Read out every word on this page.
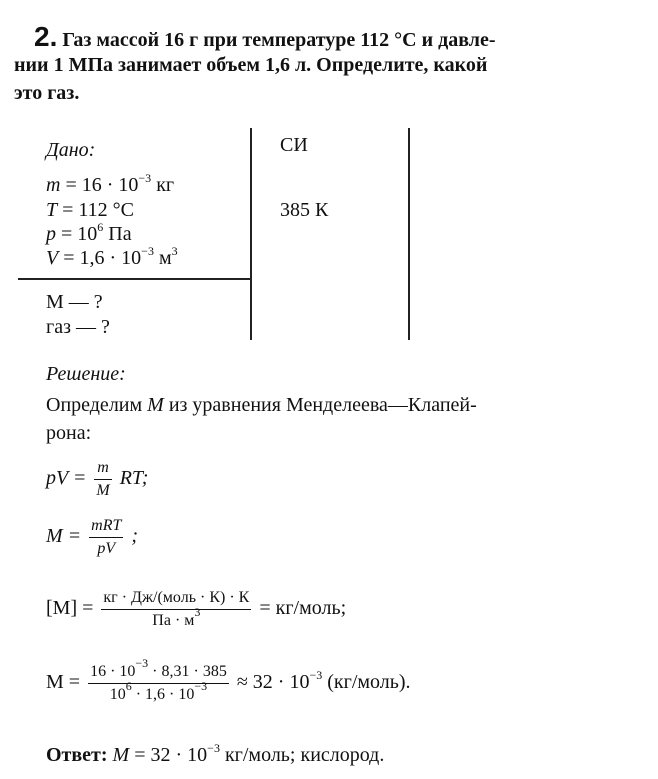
2. Газ массой 16 г при температуре 112 °С и давле-
нии 1 МПа занимает объем 1,6 л. Определите, какой
это газ.
Дано:	СИ
$m = 16 \cdot 10^{-3}$ кг
T = 112 °С	385 К
$p = 10^6$ Па
$V = 1,6 \cdot 10^{-3}$ $м^3$
M — ?
газ — ?
Решение:
Определим M из уравнения Менделеева—Клапей-
рона:
pV = $\frac{m}{M}$ RT;
$M = \frac{\text{mRT}}{pV}$ ;
$[M] = \frac{\text{кг · Дж/(моль · К) · К}}{Па \cdot м^3}$ = кг/моль;
$M = \frac{16 \cdot 10^{-3} \cdot 8,31 \cdot 385}{10^6 \cdot 1,6 \cdot 10^{-3}} \approx 32 \cdot 10^{-3}$ (кг/моль).
Ответ: $M = 32 \cdot 10^{-3}$ кг/моль; кислород.
